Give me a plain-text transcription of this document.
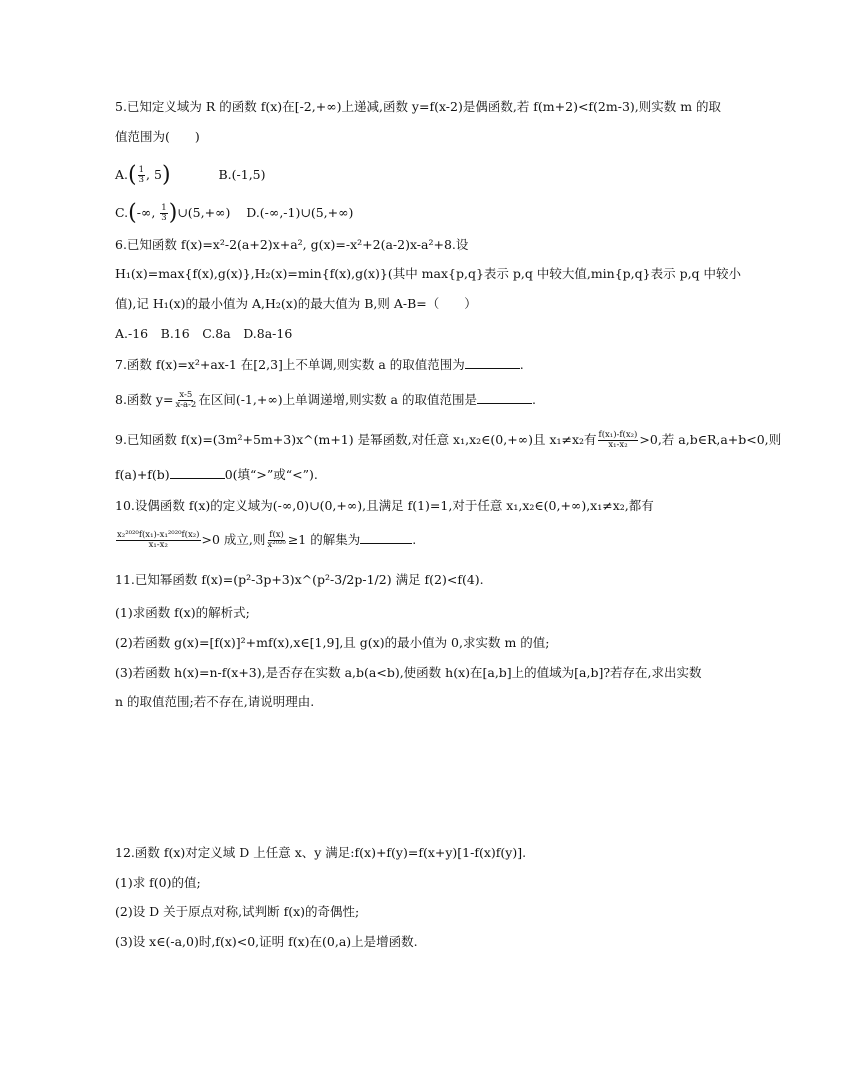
5.已知定义域为 R 的函数 f(x)在[-2,+∞)上递减,函数 y=f(x-2)是偶函数,若 f(m+2)<f(2m-3),则实数 m 的取
值范围为(　　)
$A.( \frac{1}{3}$ , 5)	B.(-1,5)
C.(-∞, $\frac{1}{3}$ )∪(5,+∞) D.(-∞,-1)∪(5,+∞)
6.已知函数 f(x)=x²-2(a+2)x+a², g(x)=-x²+2(a-2)x-a²+8.设
H₁(x)=max{f(x),g(x)},H₂(x)=min{f(x),g(x)}(其中 max{p,q}表示 p,q 中较大值,min{p,q}表示 p,q 中较小
值),记 H₁(x)的最小值为 A,H₂(x)的最大值为 B,则 A-B=（　　）
A.-16　B.16　C.8a　D.8a-16
7.函数 f(x)=x²+ax-1 在[2,3]上不单调,则实数 a 的取值范围为	.
8.函数 $y= \frac{x-5}{x-a-2}$ 在区间(-1,+∞)上单调递增,则实数 a 的取值范围是	.
9.已知函数 f(x)=(3m²+5m+3)x^(m+1) 是幂函数,对任意 x₁,x₂∈(0,+∞)且 x₁≠x₂有 $\frac{\text{f(x₁)-f(x₂)}}{\text{x₁-x₂}} >0$,若 a,b∈R,a+b<0,则
f(a)+f(b)	0(填“>”或“<”).
10.设偶函数 f(x)的定义域为(-∞,0)∪(0,+∞),且满足 f(1)=1,对于任意 x₁,x₂∈(0,+∞),x₁≠x₂,都有
$\frac{\text{x₂²⁰²⁰f(x₁)-x₁²⁰²⁰f(x₂)}}{\text{x₁-x₂}} >0$ 成立,则 $\frac{f(x)}{\text{x²⁰²⁰}} \ge 1$ 的解集为	.
11.已知幂函数 f(x)=(p²-3p+3)x^(p²-3/2p-1/2) 满足 f(2)<f(4).
(1)求函数 f(x)的解析式;
(2)若函数 g(x)=[f(x)]²+mf(x),x∈[1,9],且 g(x)的最小值为 0,求实数 m 的值;
(3)若函数 h(x)=n-f(x+3),是否存在实数 a,b(a<b),使函数 h(x)在[a,b]上的值域为[a,b]?若存在,求出实数
n 的取值范围;若不存在,请说明理由.
12.函数 f(x)对定义域 D 上任意 x、y 满足:f(x)+f(y)=f(x+y)[1-f(x)f(y)].
(1)求 f(0)的值;
(2)设 D 关于原点对称,试判断 f(x)的奇偶性;
(3)设 x∈(-a,0)时,f(x)<0,证明 f(x)在(0,a)上是增函数.
